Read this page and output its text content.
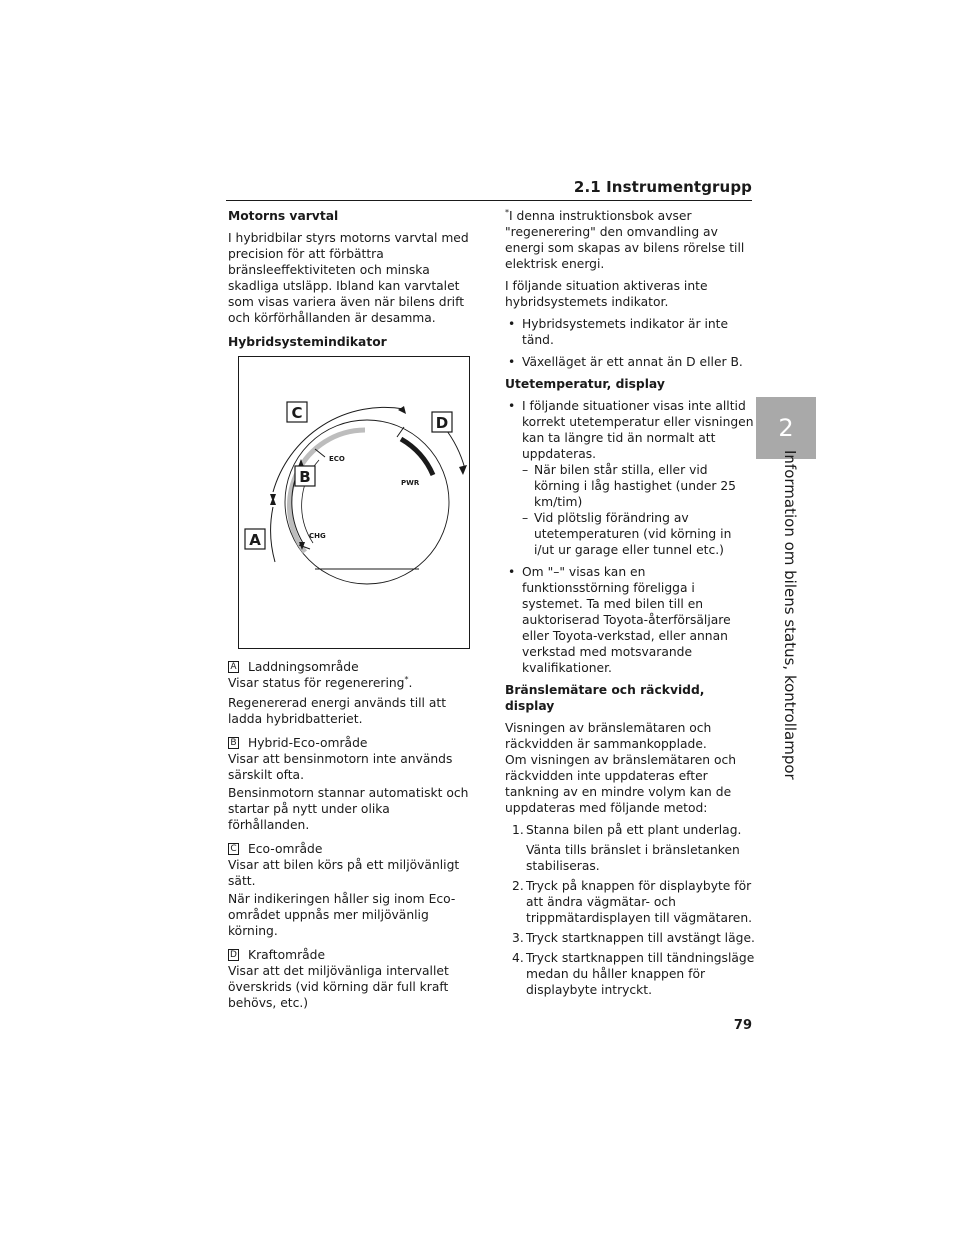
2.1 Instrumentgrupp
2
Information om bilens status, kontrollampor
Motorns varvtal
I hybridbilar styrs motorns varvtal med precision för att förbättra bränsleeffektiviteten och minska skadliga utsläpp. Ibland kan varvtalet som visas variera även när bilens drift och körförhållanden är desamma.
Hybridsystemindikator
C
D
B
A
ECO
PWR
CHG
A Laddningsområde
Visar status för regenerering*.
Regenererad energi används till att ladda hybridbatteriet.
B Hybrid-Eco-område
Visar att bensinmotorn inte används särskilt ofta.
Bensinmotorn stannar automatiskt och startar på nytt under olika förhållanden.
C Eco-område
Visar att bilen körs på ett miljövänligt sätt.
När indikeringen håller sig inom Eco-området uppnås mer miljövänlig körning.
D Kraftområde
Visar att det miljövänliga intervallet överskrids (vid körning där full kraft behövs, etc.)
*I denna instruktionsbok avser "regenerering" den omvandling av energi som skapas av bilens rörelse till elektrisk energi.
I följande situation aktiveras inte hybridsystemets indikator.
• Hybridsystemets indikator är inte tänd.
• Växelläget är ett annat än D eller B.
Utetemperatur, display
• I följande situationer visas inte alltid korrekt utetemperatur eller visningen kan ta längre tid än normalt att uppdateras.
– När bilen står stilla, eller vid körning i låg hastighet (under 25 km/tim)
– Vid plötslig förändring av utetemperaturen (vid körning in i/ut ur garage eller tunnel etc.)
• Om "–" visas kan en funktionsstörning föreligga i systemet. Ta med bilen till en auktoriserad Toyota-återförsäljare eller Toyota-verkstad, eller annan verkstad med motsvarande kvalifikationer.
Bränslemätare och räckvidd, display
Visningen av bränslemätaren och räckvidden är sammankopplade.
Om visningen av bränslemätaren och räckvidden inte uppdateras efter tankning av en mindre volym kan de uppdateras med följande metod:
1. Stanna bilen på ett plant underlag.
Vänta tills bränslet i bränsletanken stabiliseras.
2. Tryck på knappen för displaybyte för att ändra vägmätar- och trippmätardisplayen till vägmätaren.
3. Tryck startknappen till avstängt läge.
4. Tryck startknappen till tändningsläge medan du håller knappen för displaybyte intryckt.
79
